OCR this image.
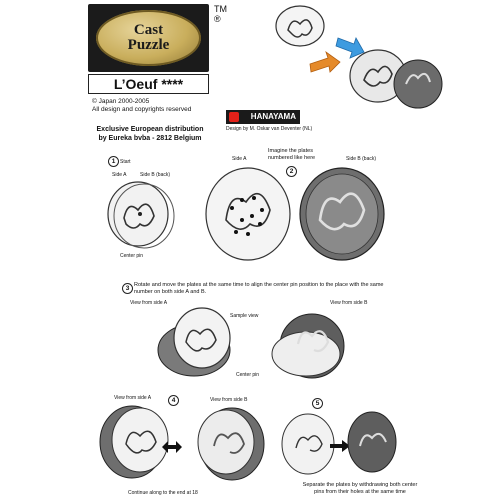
Cast
Puzzle
TM
®
L’Oeuf ****
© Japan 2000-2005
All design and copyrights reserved
Exclusive European distribution
by Eureka bvba - 2812 Belgium
HANAYAMA
Design by M. Oskar van Deventer (NL)
1 Start
Side A	Side B (back)
Center pin
Side A
Imagine the plates numbered like here
2
Side B (back)
3 Rotate and move the plates at the same time to align the center pin position to the place with the same number on both side A and B.
View from side A	View from side B
Sample view
Center pin
4
View from side A	View from side B
Continue along to the end at 18
5
Separate the plates by withdrawing both center pins from their holes at the same time
